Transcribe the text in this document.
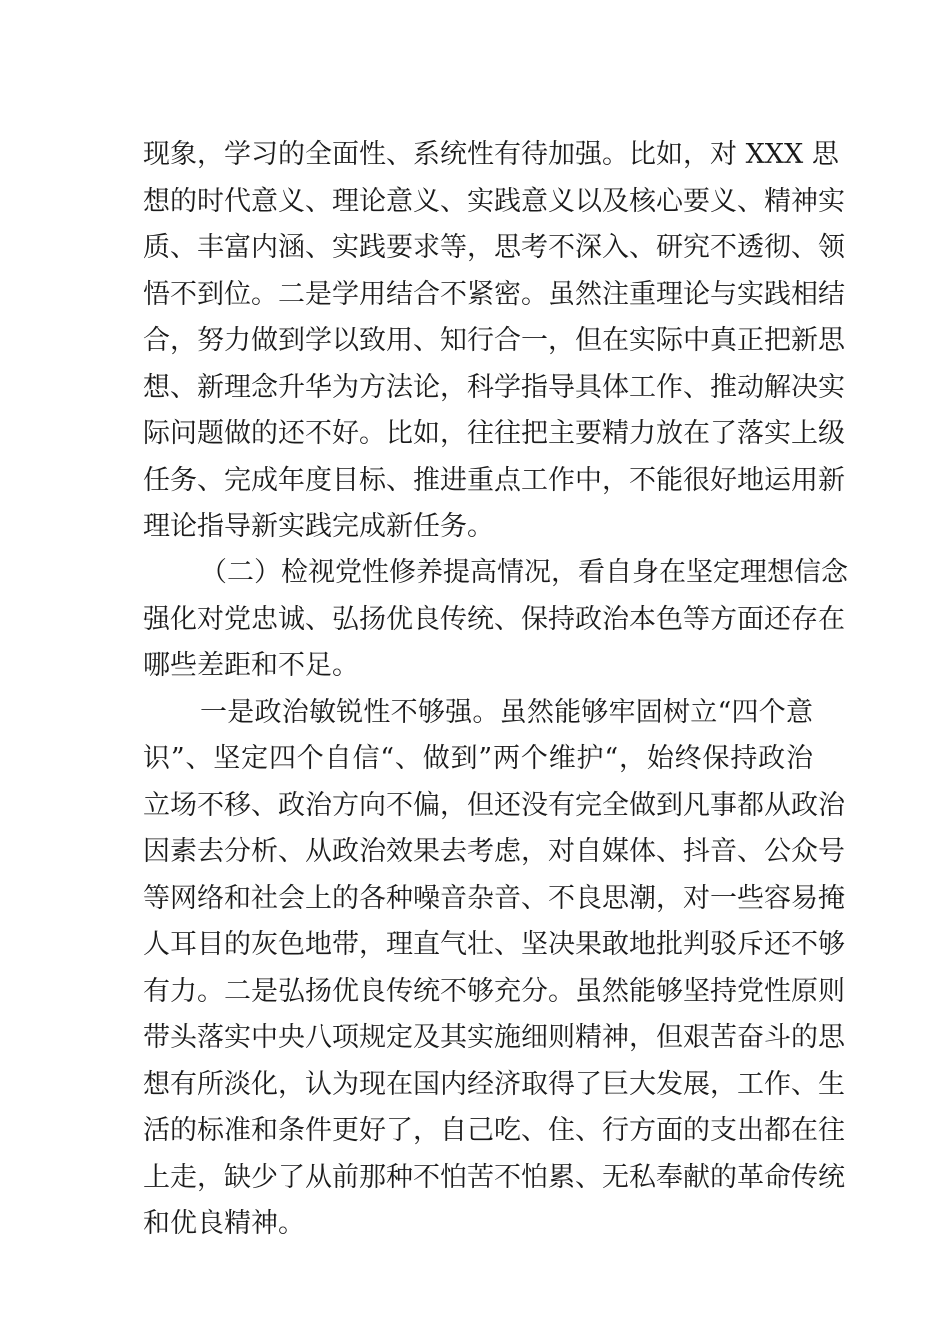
现象，学习的全面性、系统性有待加强。比如，对 XXX 思
想的时代意义、理论意义、实践意义以及核心要义、精神实
质、丰富内涵、实践要求等，思考不深入、研究不透彻、领
悟不到位。二是学用结合不紧密。虽然注重理论与实践相结
合，努力做到学以致用、知行合一，但在实际中真正把新思
想、新理念升华为方法论，科学指导具体工作、推动解决实
际问题做的还不好。比如，往往把主要精力放在了落实上级
任务、完成年度目标、推进重点工作中，不能很好地运用新
理论指导新实践完成新任务。
（二）检视党性修养提高情况，看自身在坚定理想信念
强化对党忠诚、弘扬优良传统、保持政治本色等方面还存在
哪些差距和不足。
一是政治敏锐性不够强。虽然能够牢固树立“四个意
识”、坚定四个自信“、做到”两个维护“，始终保持政治
立场不移、政治方向不偏，但还没有完全做到凡事都从政治
因素去分析、从政治效果去考虑，对自媒体、抖音、公众号
等网络和社会上的各种噪音杂音、不良思潮，对一些容易掩
人耳目的灰色地带，理直气壮、坚决果敢地批判驳斥还不够
有力。二是弘扬优良传统不够充分。虽然能够坚持党性原则
带头落实中央八项规定及其实施细则精神，但艰苦奋斗的思
想有所淡化，认为现在国内经济取得了巨大发展，工作、生
活的标准和条件更好了，自己吃、住、行方面的支出都在往
上走，缺少了从前那种不怕苦不怕累、无私奉献的革命传统
和优良精神。
